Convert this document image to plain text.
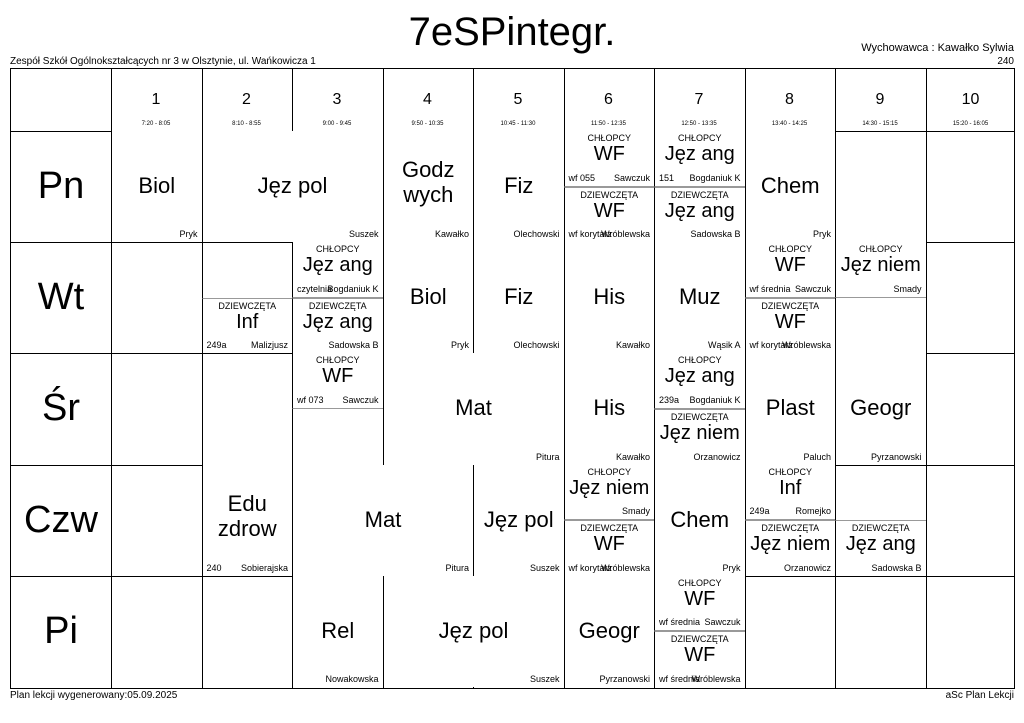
7eSPintegr.
Zespół Szkół Ogólnokształcących nr 3 w Olsztynie, ul. Wańkowicza 1
Wychowawca : Kawałko Sylwia
240
1
7:20 - 8:05
2
8:10 - 8:55
3
9:00 - 9:45
4
9:50 - 10:35
5
10:45 - 11:30
6
11:50 - 12:35
7
12:50 - 13:35
8
13:40 - 14:25
9
14:30 - 15:15
10
15:20 - 16:05
Pn
Wt
Śr
Czw
Pi
Biol
Pryk
Jęz pol
Suszek
Godz wych
Kawałko
Fiz
Olechowski
CHŁOPCY
WF
Sawczuk
wf 055
DZIEWCZĘTA
WF
Wróblewska
wf korytarz
CHŁOPCY
Jęz ang
Bogdaniuk K
151
DZIEWCZĘTA
Jęz ang
Sadowska B
Chem
Pryk
DZIEWCZĘTA
Inf
Malizjusz
249a
CHŁOPCY
Jęz ang
Bogdaniuk K
czytelnia
DZIEWCZĘTA
Jęz ang
Sadowska B
Biol
Pryk
Fiz
Olechowski
His
Kawałko
Muz
Wąsik A
CHŁOPCY
WF
Sawczuk
wf średnia
DZIEWCZĘTA
WF
Wróblewska
wf korytarz
CHŁOPCY
Jęz niem
Smady
CHŁOPCY
WF
Sawczuk
wf 073	Mat
Pitura
His
Kawałko
CHŁOPCY
Jęz ang
Bogdaniuk K
239a
DZIEWCZĘTA
Jęz niem
Orzanowicz
Plast
Paluch
Geogr
Pyrzanowski
Edu zdrow
Sobierajska
240
Mat
Pitura
Jęz pol
Suszek
CHŁOPCY
Jęz niem
Smady
DZIEWCZĘTA
WF
Wróblewska
wf korytarz
Chem
Pryk
CHŁOPCY
Inf
Romejko
249a
DZIEWCZĘTA
Jęz niem
Orzanowicz
DZIEWCZĘTA
Jęz ang
Sadowska B
Rel
Nowakowska
Jęz pol
Suszek
Geogr
Pyrzanowski
CHŁOPCY
WF
Sawczuk
wf średnia
DZIEWCZĘTA
WF
Wróblewska
wf średnia
Plan lekcji wygenerowany:05.09.2025	aSc Plan Lekcji
